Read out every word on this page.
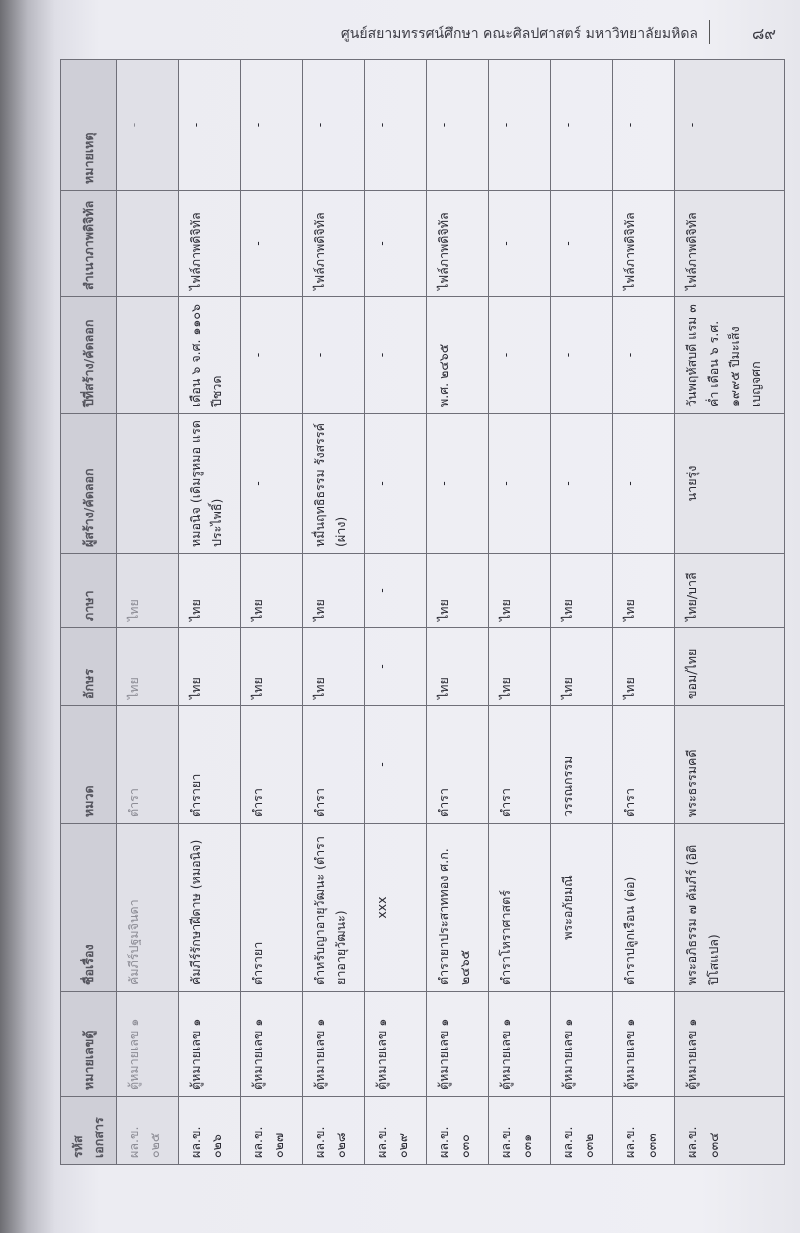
ศูนย์สยามทรรศน์ศึกษา คณะศิลปศาสตร์ มหาวิทยาลัยมหิดล	๘๙
รหัสเอกสาร	หมายเลขตู้	ชื่อเรื่อง	หมวด	อักษร	ภาษา	ผู้สร้าง/คัดลอก	ปีที่สร้าง/คัดลอก	สำเนาภาพดิจิทัล	หมายเหตุ
ผล.ข. ๐๒๕	ตู้หมายเลข ๑	คัมภีร์ปฐมจินดา	ตำรา	ไทย	ไทย				-
ผล.ข. ๐๒๖	ตู้หมายเลข ๑	คัมภีร์รักษาฝีดาษ (หมอนิจ)	ตำรายา	ไทย	ไทย	หมอนิจ (เดิมรูหมอ แรด ประไพธิ์)	เดือน ๖ จ.ศ. ๑๑๐๖ ปีชวด	ไฟล์ภาพดิจิทัล	-
ผล.ข. ๐๒๗	ตู้หมายเลข ๑	ตำรายา	ตำรา	ไทย	ไทย	-	-	-	-
ผล.ข. ๐๒๘	ตู้หมายเลข ๑	ตำหรับญาอายุวัฒนะ (ตำรายาอายุวัฒนะ)	ตำรา	ไทย	ไทย	หมื่นฤทธิธรรม รังสรรค์ (ผ่าง)	-	ไฟล์ภาพดิจิทัล	-
ผล.ข. ๐๒๙	ตู้หมายเลข ๑	xxx	-	-	-	-	-	-	-
ผล.ข. ๐๓๐	ตู้หมายเลข ๑	ตำรายาประสาททอง ศ.ก. ๒๔๖๕	ตำรา	ไทย	ไทย	-	พ.ศ. ๒๔๖๕	ไฟล์ภาพดิจิทัล	-
ผล.ข. ๐๓๑	ตู้หมายเลข ๑	ตำราโหราศาสตร์	ตำรา	ไทย	ไทย	-	-	-	-
ผล.ข. ๐๓๒	ตู้หมายเลข ๑	พระอภัยมณี	วรรณกรรม	ไทย	ไทย	-	-	-	-
ผล.ข. ๐๓๓	ตู้หมายเลข ๑	ตำราปลูกเรือน (ต่อ)	ตำรา	ไทย	ไทย	-	-	ไฟล์ภาพดิจิทัล	-
ผล.ข. ๐๓๔	ตู้หมายเลข ๑	พระอภิธรรม ๗ คัมภีร์ (อิติปิโสแปล)	พระธรรมคดี	ขอม/ไทย	ไทย/บาลี	นายรุ่ง	วันพฤหัสบดี แรม ๓ ค่ำ เดือน ๖ ร.ศ. ๑๙๙๕ ปีมะเส็ง เบญจศก	ไฟล์ภาพดิจิทัล	-
